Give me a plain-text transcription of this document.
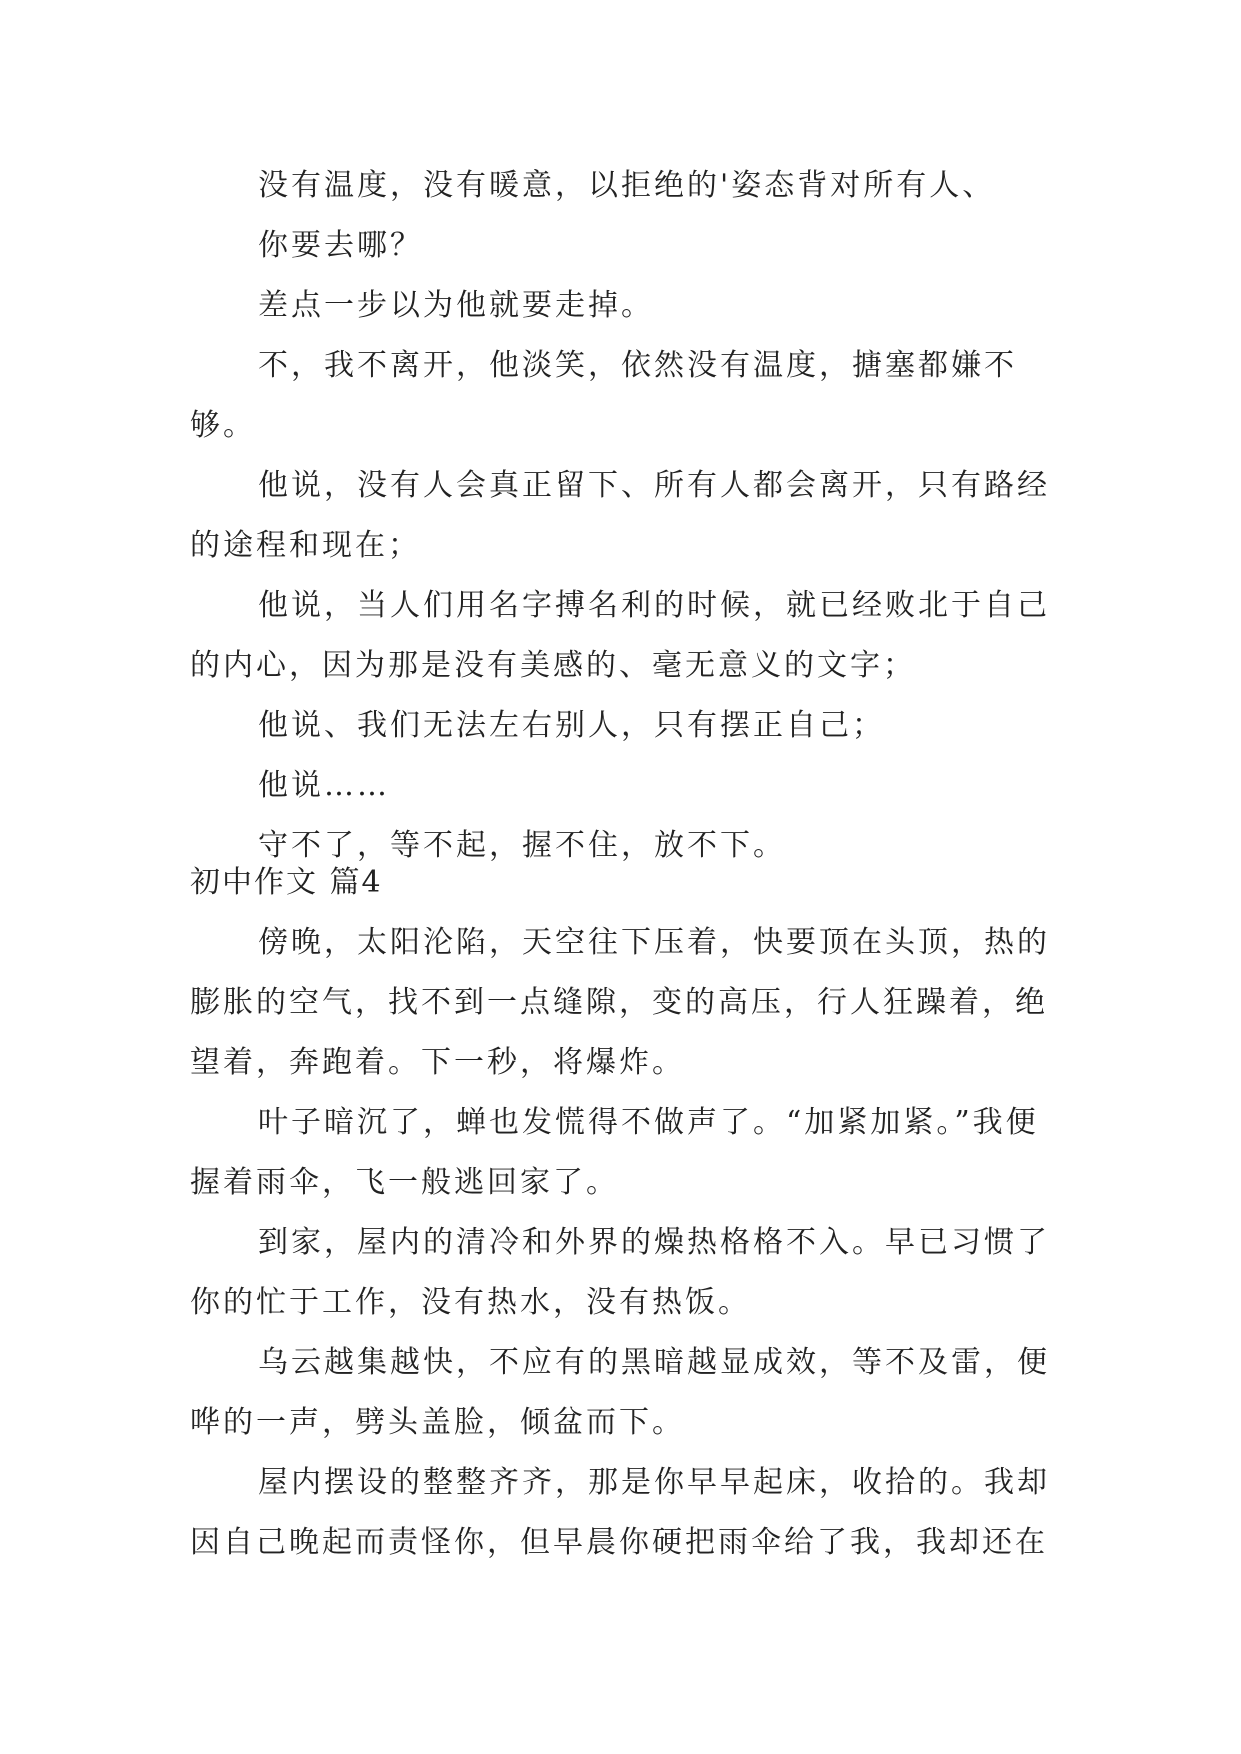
没有温度，没有暖意，以拒绝的'姿态背对所有人、

你要去哪？

差点一步以为他就要走掉。

不，我不离开，他淡笑，依然没有温度，搪塞都嫌不够。

他说，没有人会真正留下、所有人都会离开，只有路经的途程和现在；

他说，当人们用名字搏名利的时候，就已经败北于自己的内心，因为那是没有美感的、毫无意义的文字；

他说、我们无法左右别人，只有摆正自己；

他说……

守不了，等不起，握不住，放不下。

初中作文 篇4

傍晚，太阳沦陷，天空往下压着，快要顶在头顶，热的膨胀的空气，找不到一点缝隙，变的高压，行人狂躁着，绝望着，奔跑着。下一秒，将爆炸。

叶子暗沉了，蝉也发慌得不做声了。“加紧加紧。”我便握着雨伞，飞一般逃回家了。

到家，屋内的清冷和外界的燥热格格不入。早已习惯了你的忙于工作，没有热水，没有热饭。

乌云越集越快，不应有的黑暗越显成效，等不及雷，便哗的一声，劈头盖脸，倾盆而下。

屋内摆设的整整齐齐，那是你早早起床，收拾的。我却因自己晚起而责怪你，但早晨你硬把雨伞给了我，我却还在
